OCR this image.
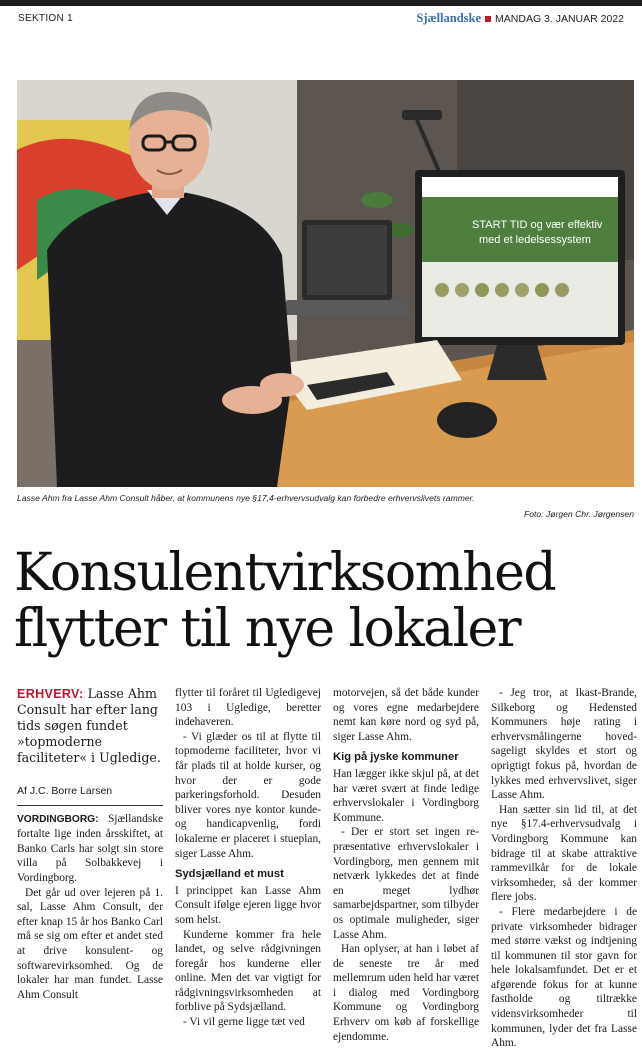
SEKTION 1	Sjællandske MANDAG 3. JANUAR 2022
START TID og vær effektiv
med et ledelsessystem
Lasse Ahm fra Lasse Ahm Consult håber, at kommunens nye §17,4-erhvervsudvalg kan forbedre erhvervslivets rammer.
Foto: Jørgen Chr. Jørgensen
Konsulentvirksomhed
flytter til nye lokaler
ERHVERV: Lasse Ahm Consult har efter lang tids søgen fundet »topmoderne faciliteter« i Ugledige.
Af J.C. Borre Larsen

VORDINGBORG: Sjællandske fortalte lige inden årsskiftet, at Banko Carls har solgt sin store villa på Solbakkevej i Vordingborg.

Det går ud over lejeren på 1. sal, Lasse Ahm Consult, der efter knap 15 år hos Banko Carl må se sig om efter et andet sted at drive konsulent- og softwarevirksomhed. Og de lokaler har man fundet. Lasse Ahm Consult

flytter til foråret til Ugledigevej 103 i Ugledige, beretter indehaveren.

- Vi glæder os til at flytte til topmoderne faciliteter, hvor vi får plads til at holde kurser, og hvor der er gode parkeringsforhold. Desuden bliver vores nye kontor kunde- og handicapvenlig, fordi lokalerne er placeret i stueplan, siger Lasse Ahm.

Sydsjælland et must

I princippet kan Lasse Ahm Consult ifølge ejeren ligge hvor som helst.

Kunderne kommer fra hele landet, og selve rådgivningen foregår hos kunderne eller online. Men det var vigtigt for rådgivningsvirksomheden at forblive på Sydsjælland.

- Vi vil gerne ligge tæt ved

motorvejen, så det både kunder og vores egne medarbejdere nemt kan køre nord og syd på, siger Lasse Ahm.

Kig på jyske kommuner

Han lægger ikke skjul på, at det har været svært at finde ledige erhvervslokaler i Vordingborg Kommune.

- Der er stort set ingen repræsentative erhvervslokaler i Vordingborg, men gennem mit netværk lykkedes det at finde en meget lydhør samarbejdspartner, som tilbyder os optimale muligheder, siger Lasse Ahm.

Han oplyser, at han i løbet af de seneste tre år med mellemrum uden held har været i dialog med Vordingborg Kommune og Vordingborg Erhverv om køb af forskellige ejendomme.

- Jeg tror, at Ikast-Brande, Silkeborg og Hedensted Kommuners høje rating i erhvervsmålingerne hovedsageligt skyldes et stort og oprigtigt fokus på, hvordan de lykkes med erhvervslivet, siger Lasse Ahm.

Han sætter sin lid til, at det nye §17.4-erhvervsudvalg i Vordingborg Kommune kan bidrage til at skabe attraktive rammevilkår for de lokale virksomheder, så der kommer flere jobs.

- Flere medarbejdere i de private virksomheder bidrager med større vækst og indtjening til kommunen til stor gavn for hele lokalsamfundet. Det er et afgørende fokus for at kunne fastholde og tiltrække vidensvirksomheder til kommunen, lyder det fra Lasse Ahm.
